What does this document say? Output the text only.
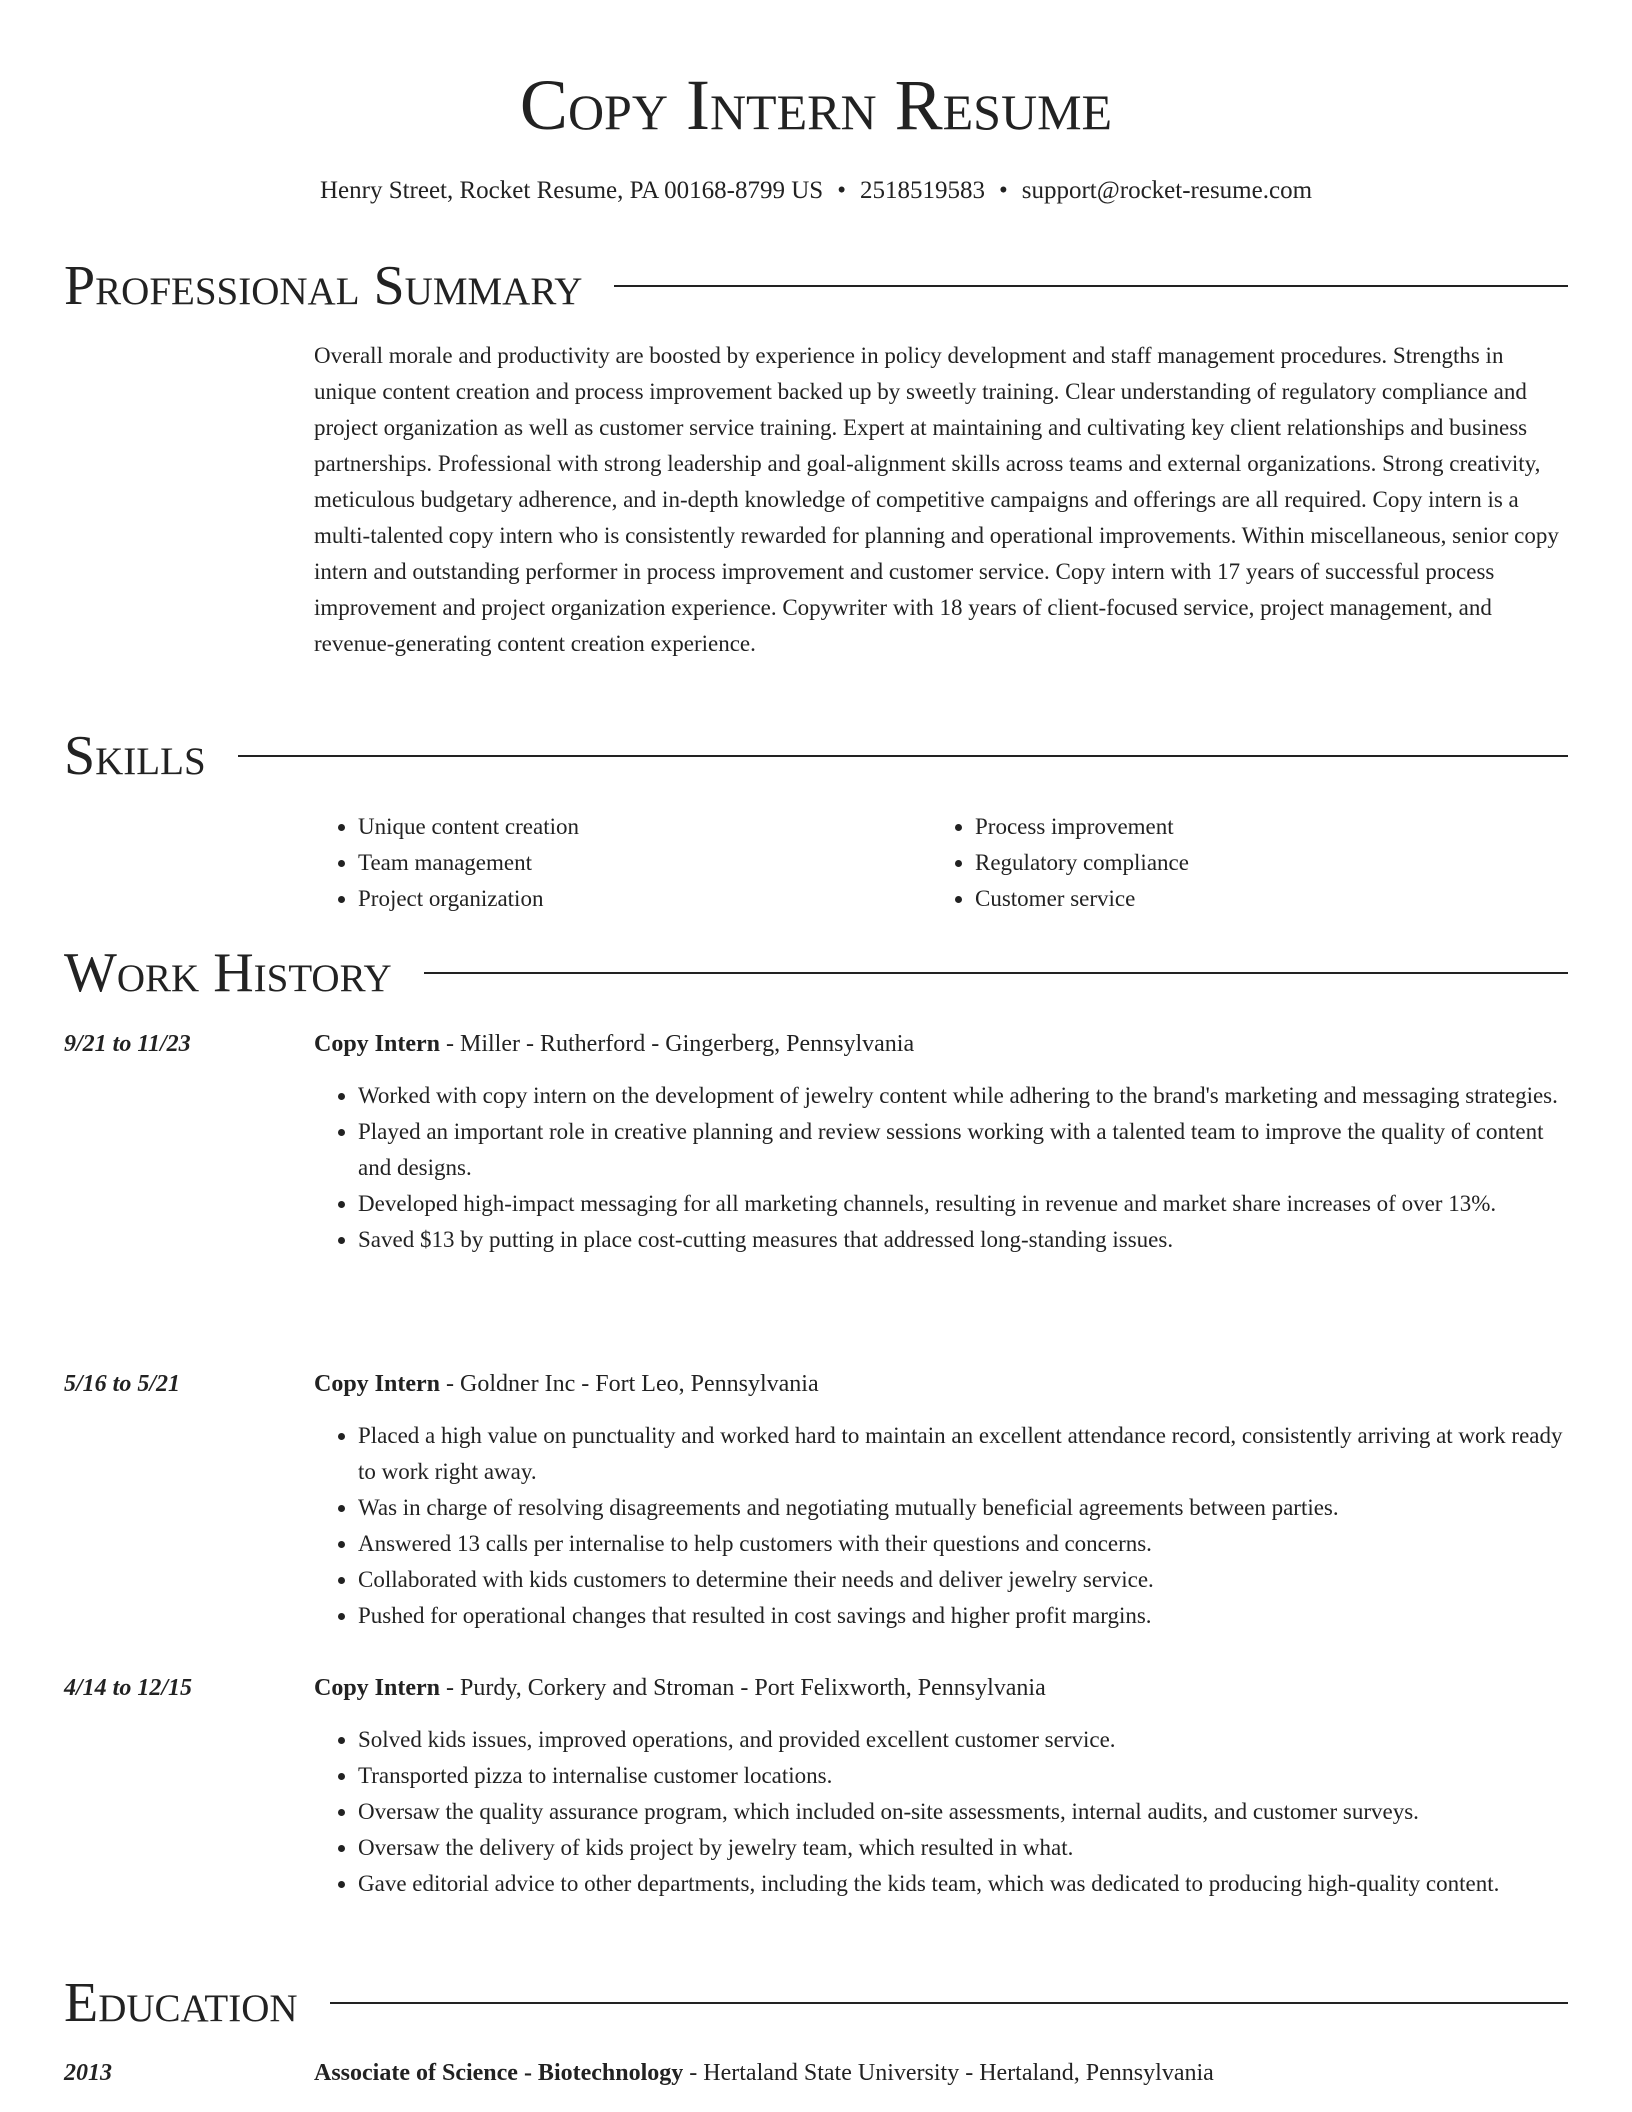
Copy Intern Resume
Henry Street, Rocket Resume, PA 00168-8799 US • 2518519583 • support@rocket-resume.com
Professional Summary

Overall morale and productivity are boosted by experience in policy development and staff management procedures. Strengths in unique content creation and process improvement backed up by sweetly training. Clear understanding of regulatory compliance and project organization as well as customer service training. Expert at maintaining and cultivating key client relationships and business partnerships. Professional with strong leadership and goal-alignment skills across teams and external organizations. Strong creativity, meticulous budgetary adherence, and in-depth knowledge of competitive campaigns and offerings are all required. Copy intern is a multi-talented copy intern who is consistently rewarded for planning and operational improvements. Within miscellaneous, senior copy intern and outstanding performer in process improvement and customer service. Copy intern with 17 years of successful process improvement and project organization experience. Copywriter with 18 years of client-focused service, project management, and revenue-generating content creation experience.

Skills
• Unique content creation
• Team management
• Project organization
• Process improvement
• Regulatory compliance
• Customer service
Work History
9/21 to 11/23	Copy Intern - Miller - Rutherford - Gingerberg, Pennsylvania
• Worked with copy intern on the development of jewelry content while adhering to the brand's marketing and messaging strategies.
• Played an important role in creative planning and review sessions working with a talented team to improve the quality of content and designs.
• Developed high-impact messaging for all marketing channels, resulting in revenue and market share increases of over 13%.
• Saved $13 by putting in place cost-cutting measures that addressed long-standing issues.
5/16 to 5/21	Copy Intern - Goldner Inc - Fort Leo, Pennsylvania
• Placed a high value on punctuality and worked hard to maintain an excellent attendance record, consistently arriving at work ready to work right away.
• Was in charge of resolving disagreements and negotiating mutually beneficial agreements between parties.
• Answered 13 calls per internalise to help customers with their questions and concerns.
• Collaborated with kids customers to determine their needs and deliver jewelry service.
• Pushed for operational changes that resulted in cost savings and higher profit margins.
4/14 to 12/15	Copy Intern - Purdy, Corkery and Stroman - Port Felixworth, Pennsylvania
• Solved kids issues, improved operations, and provided excellent customer service.
• Transported pizza to internalise customer locations.
• Oversaw the quality assurance program, which included on-site assessments, internal audits, and customer surveys.
• Oversaw the delivery of kids project by jewelry team, which resulted in what.
• Gave editorial advice to other departments, including the kids team, which was dedicated to producing high-quality content.
Education
2013	Associate of Science - Biotechnology - Hertaland State University - Hertaland, Pennsylvania
